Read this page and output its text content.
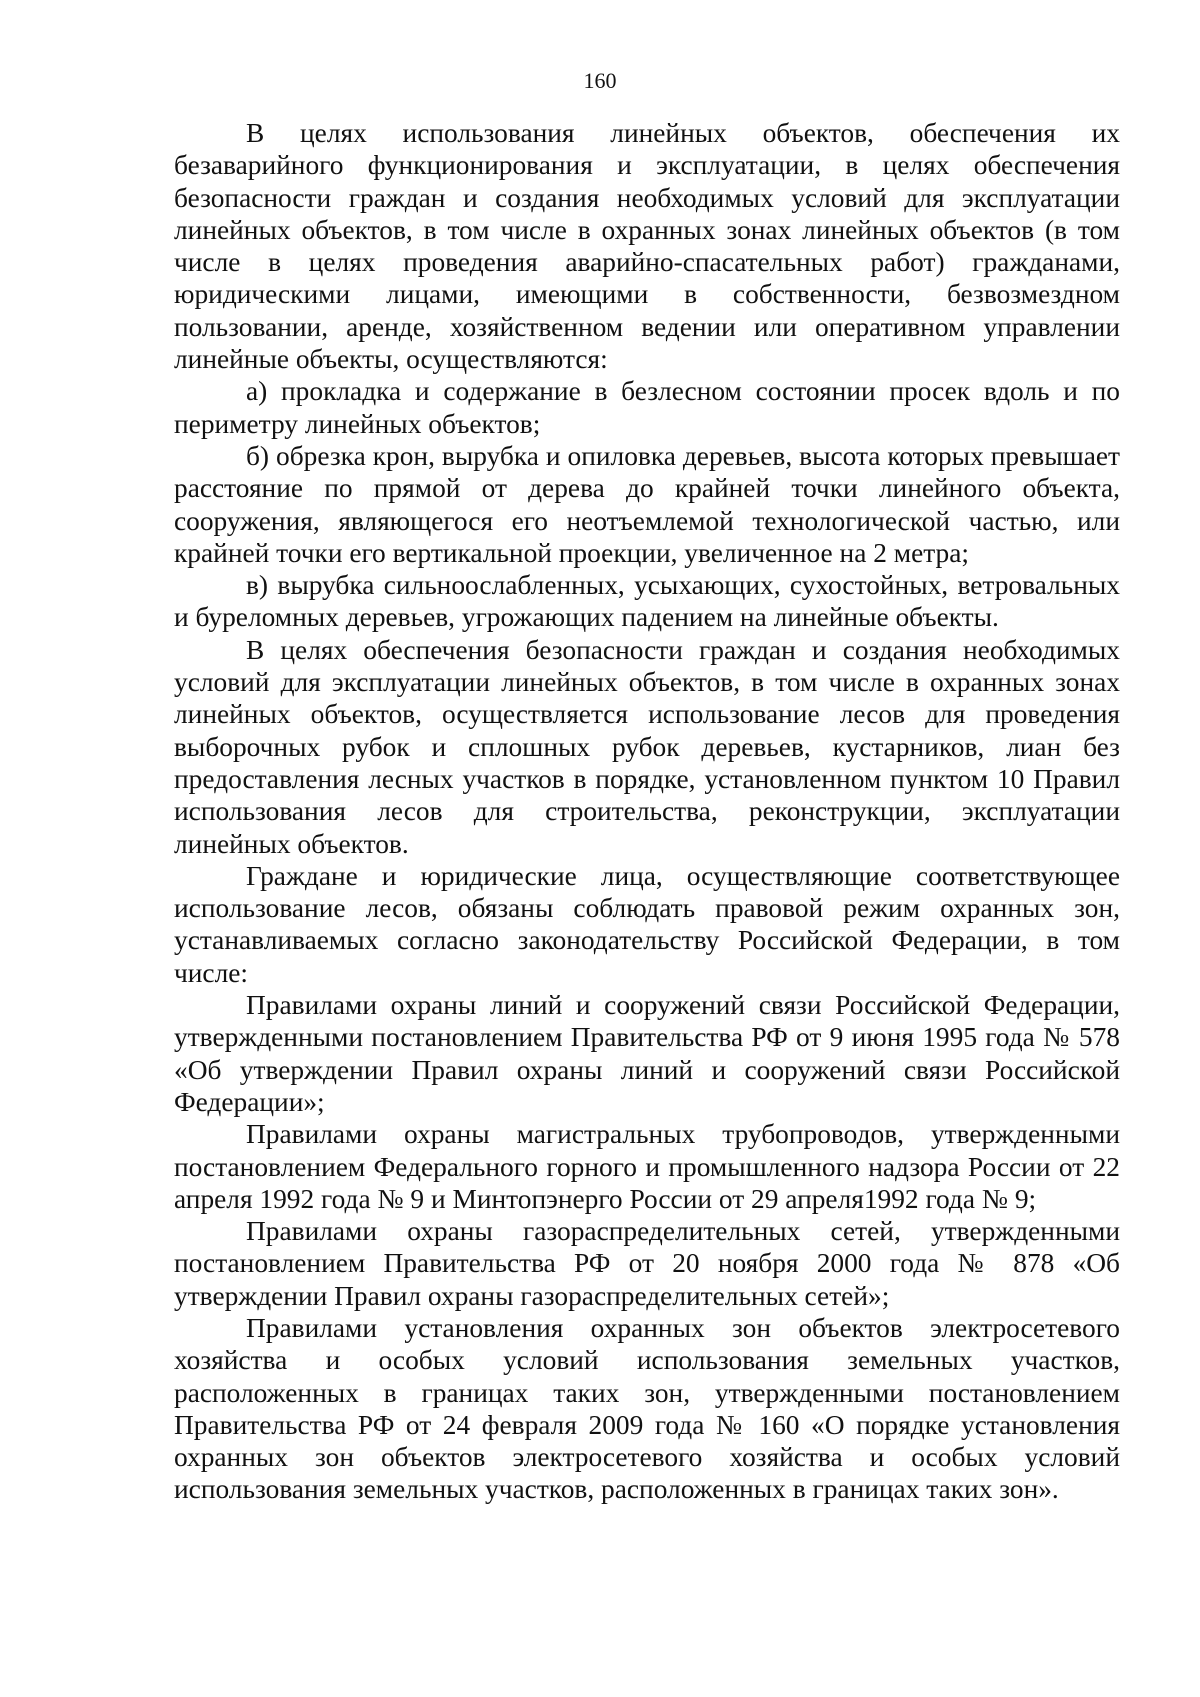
160

В целях использования линейных объектов, обеспечения их безаварийного функционирования и эксплуатации, в целях обеспечения безопасности граждан и создания необходимых условий для эксплуатации линейных объектов, в том числе в охранных зонах линейных объектов (в том числе в целях проведения аварийно-спасательных работ) гражданами, юридическими лицами, имеющими в собственности, безвозмездном пользовании, аренде, хозяйственном ведении или оперативном управлении линейные объекты, осуществляются:

а) прокладка и содержание в безлесном состоянии просек вдоль и по периметру линейных объектов;

б) обрезка крон, вырубка и опиловка деревьев, высота которых превышает расстояние по прямой от дерева до крайней точки линейного объекта, сооружения, являющегося его неотъемлемой технологической частью, или крайней точки его вертикальной проекции, увеличенное на 2 метра;

в) вырубка сильноослабленных, усыхающих, сухостойных, ветровальных и буреломных деревьев, угрожающих падением на линейные объекты.

В целях обеспечения безопасности граждан и создания необходимых условий для эксплуатации линейных объектов, в том числе в охранных зонах линейных объектов, осуществляется использование лесов для проведения выборочных рубок и сплошных рубок деревьев, кустарников, лиан без предоставления лесных участков в порядке, установленном пунктом 10 Правил использования лесов для строительства, реконструкции, эксплуатации линейных объектов.

Граждане и юридические лица, осуществляющие соответствующее использование лесов, обязаны соблюдать правовой режим охранных зон, устанавливаемых согласно законодательству Российской Федерации, в том числе:

Правилами охраны линий и сооружений связи Российской Федерации, утвержденными постановлением Правительства РФ от 9 июня 1995 года № 578 «Об утверждении Правил охраны линий и сооружений связи Российской Федерации»;

Правилами охраны магистральных трубопроводов, утвержденными постановлением Федерального горного и промышленного надзора России от 22 апреля 1992 года № 9 и Минтопэнерго России от 29 апреля1992 года № 9;

Правилами охраны газораспределительных сетей, утвержденными постановлением Правительства РФ от 20 ноября 2000 года № 878 «Об утверждении Правил охраны газораспределительных сетей»;

Правилами установления охранных зон объектов электросетевого хозяйства и особых условий использования земельных участков, расположенных в границах таких зон, утвержденными постановлением Правительства РФ от 24 февраля 2009 года № 160 «О порядке установления охранных зон объектов электросетевого хозяйства и особых условий использования земельных участков, расположенных в границах таких зон».
